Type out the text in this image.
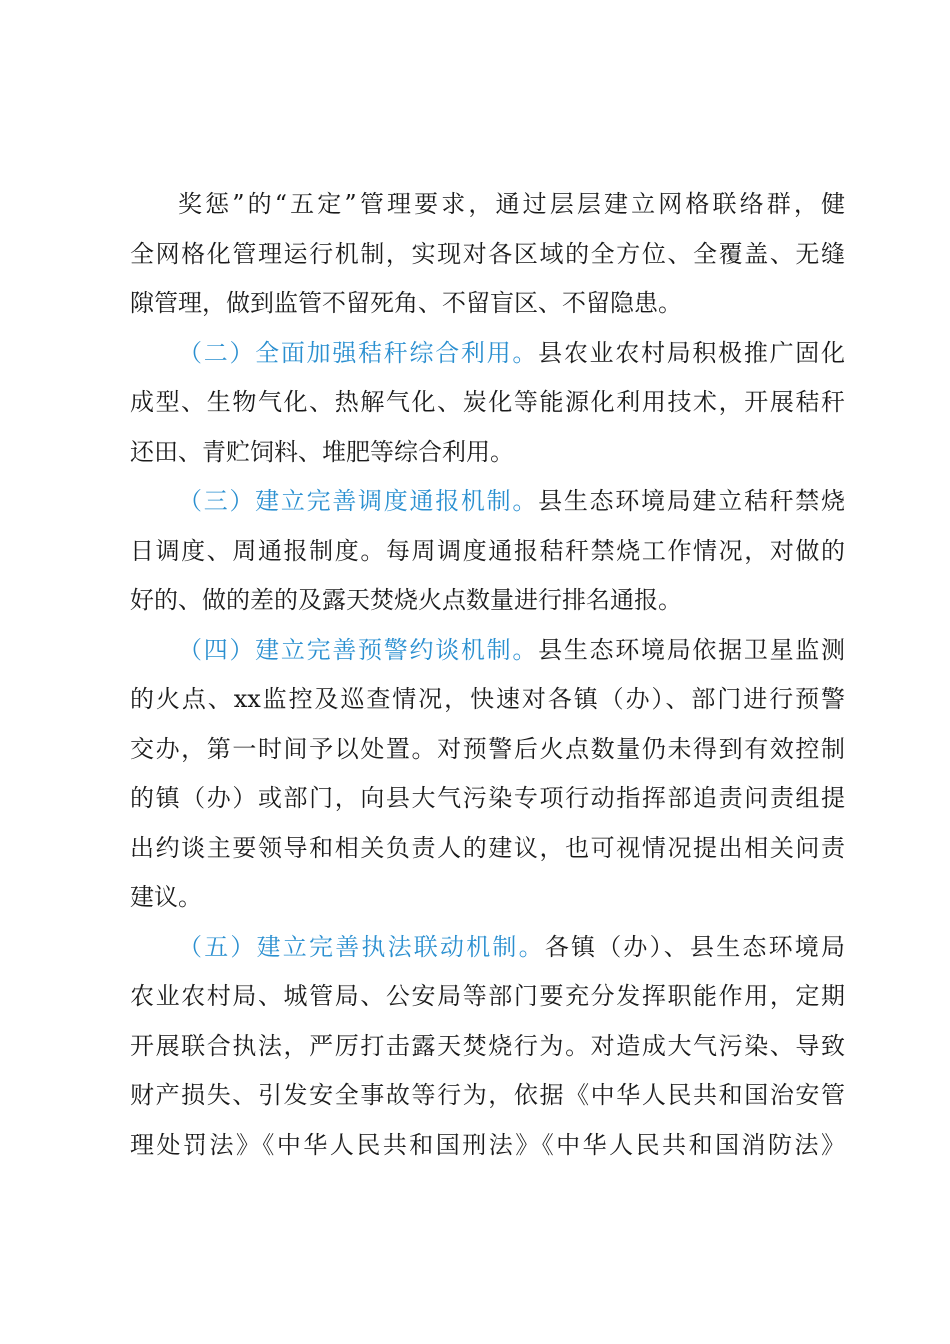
奖惩”的“五定”管理要求，通过层层建立网格联络群，健
全网格化管理运行机制，实现对各区域的全方位、全覆盖、无缝
隙管理，做到监管不留死角、不留盲区、不留隐患。
（二）全面加强秸秆综合利用。县农业农村局积极推广固化
成型、生物气化、热解气化、炭化等能源化利用技术，开展秸秆
还田、青贮饲料、堆肥等综合利用。
（三）建立完善调度通报机制。县生态环境局建立秸秆禁烧
日调度、周通报制度。每周调度通报秸秆禁烧工作情况，对做的
好的、做的差的及露天焚烧火点数量进行排名通报。
（四）建立完善预警约谈机制。县生态环境局依据卫星监测
的火点、xx监控及巡查情况，快速对各镇（办）、部门进行预警
交办，第一时间予以处置。对预警后火点数量仍未得到有效控制
的镇（办）或部门，向县大气污染专项行动指挥部追责问责组提
出约谈主要领导和相关负责人的建议，也可视情况提出相关问责
建议。
（五）建立完善执法联动机制。各镇（办）、县生态环境局
农业农村局、城管局、公安局等部门要充分发挥职能作用，定期
开展联合执法，严厉打击露天焚烧行为。对造成大气污染、导致
财产损失、引发安全事故等行为，依据《中华人民共和国治安管
理处罚法》《中华人民共和国刑法》《中华人民共和国消防法》
